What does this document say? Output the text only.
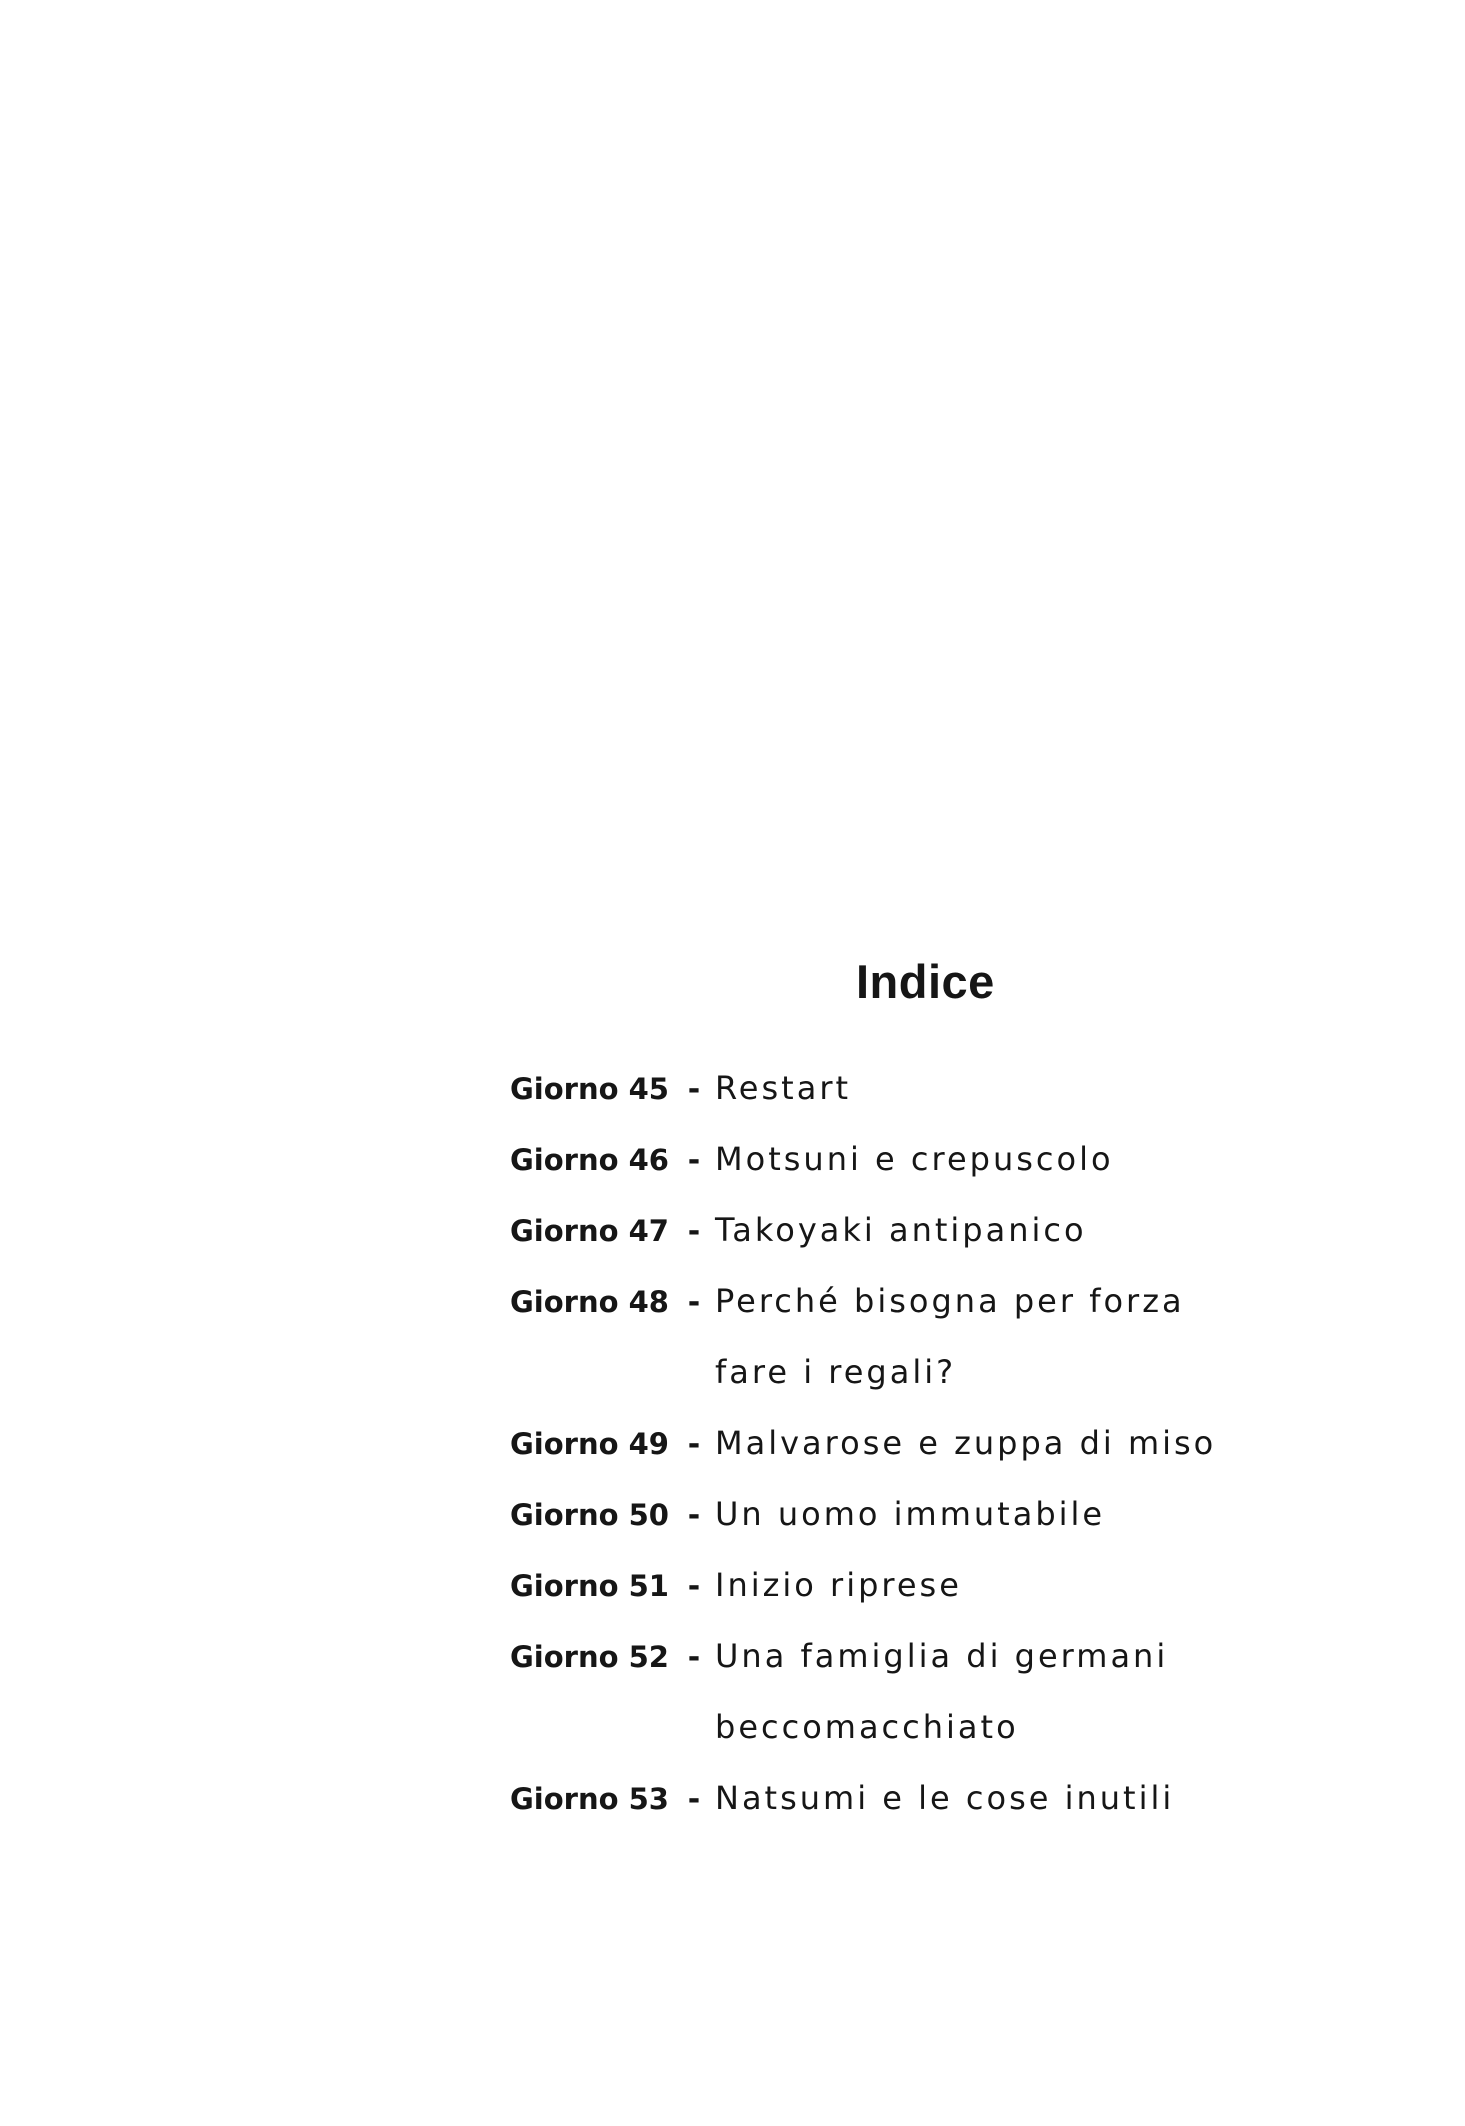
Indice
Giorno 45 - Restart
Giorno 46 - Motsuni e crepuscolo
Giorno 47 - Takoyaki antipanico
Giorno 48 - Perché bisogna per forza
fare i regali?
Giorno 49 - Malvarose e zuppa di miso
Giorno 50 - Un uomo immutabile
Giorno 51 - Inizio riprese
Giorno 52 - Una famiglia di germani
beccomacchiato
Giorno 53 - Natsumi e le cose inutili
